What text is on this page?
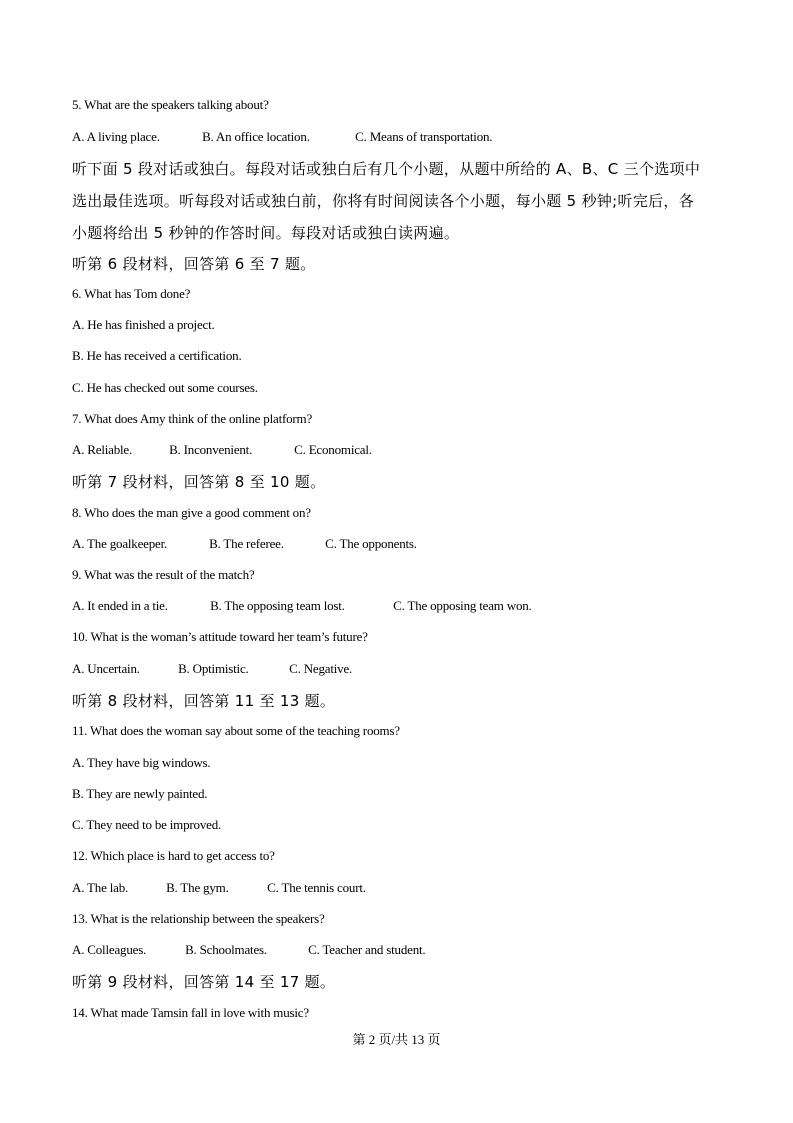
5. What are the speakers talking about?
A. A living place.	B. An office location.	C. Means of transportation.
听下面 5 段对话或独白。每段对话或独白后有几个小题，从题中所给的 A、B、C 三个选项中
选出最佳选项。听每段对话或独白前，你将有时间阅读各个小题，每小题 5 秒钟;听完后，各
小题将给出 5 秒钟的作答时间。每段对话或独白读两遍。
听第 6 段材料，回答第 6 至 7 题。
6. What has Tom done?
A. He has finished a project.
B. He has received a certification.
C. He has checked out some courses.
7. What does Amy think of the online platform?
A. Reliable.	B. Inconvenient.	C. Economical.
听第 7 段材料，回答第 8 至 10 题。
8. Who does the man give a good comment on?
A. The goalkeeper.	B. The referee.	C. The opponents.
9. What was the result of the match?
A. It ended in a tie.	B. The opposing team lost.	C. The opposing team won.
10. What is the woman’s attitude toward her team’s future?
A. Uncertain.	B. Optimistic.	C. Negative.
听第 8 段材料，回答第 11 至 13 题。
11. What does the woman say about some of the teaching rooms?
A. They have big windows.
B. They are newly painted.
C. They need to be improved.
12. Which place is hard to get access to?
A. The lab.	B. The gym.	C. The tennis court.
13. What is the relationship between the speakers?
A. Colleagues.	B. Schoolmates.	C. Teacher and student.
听第 9 段材料，回答第 14 至 17 题。
14. What made Tamsin fall in love with music?
第 2 页/共 13 页
